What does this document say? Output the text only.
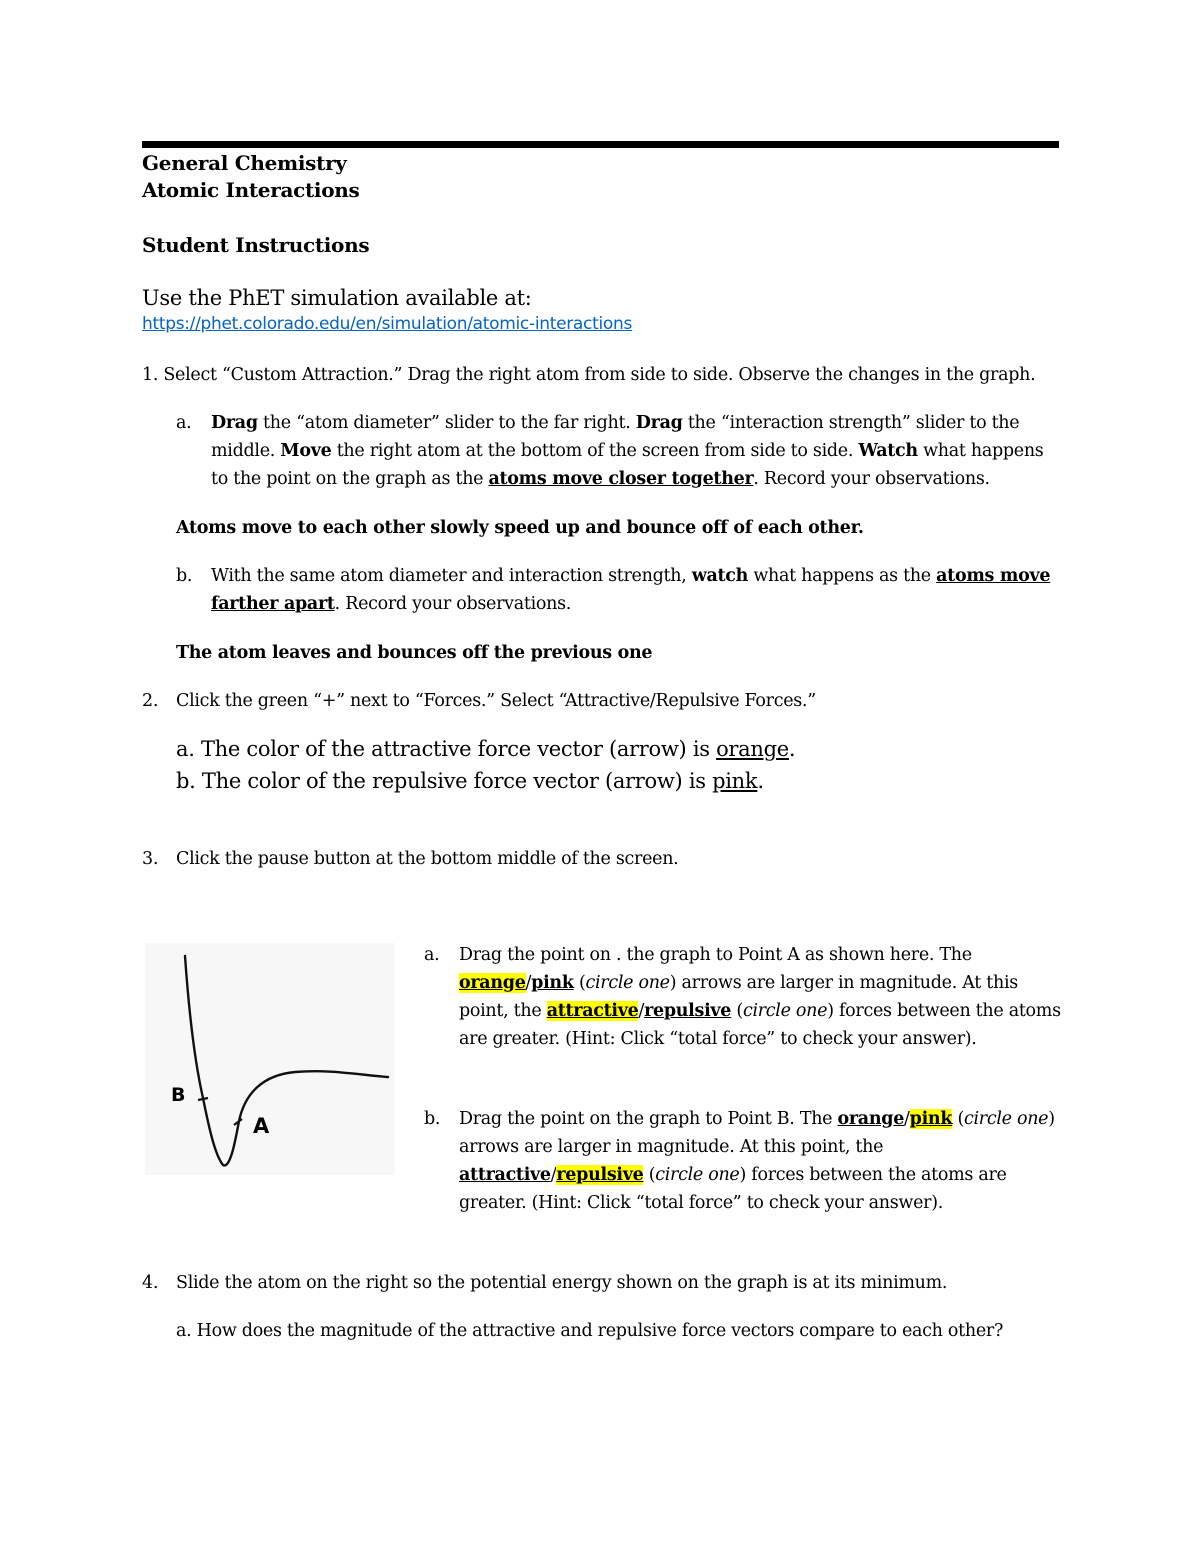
General Chemistry
Atomic Interactions
Student Instructions
Use the PhET simulation available at:
https://phet.colorado.edu/en/simulation/atomic-interactions
1. Select “Custom Attraction.” Drag the right atom from side to side. Observe the changes in the graph.
a. Drag the “atom diameter” slider to the far right. Drag the “interaction strength” slider to the
middle. Move the right atom at the bottom of the screen from side to side. Watch what happens
to the point on the graph as the atoms move closer together. Record your observations.
Atoms move to each other slowly speed up and bounce off of each other.
b. With the same atom diameter and interaction strength, watch what happens as the atoms move
farther apart. Record your observations.
The atom leaves and bounces off the previous one
2. Click the green “+” next to “Forces.” Select “Attractive/Repulsive Forces.”
a. The color of the attractive force vector (arrow) is orange.
b. The color of the repulsive force vector (arrow) is pink.
3. Click the pause button at the bottom middle of the screen.
B
A
a. Drag the point on . the graph to Point A as shown here. The
orange/pink (circle one) arrows are larger in magnitude. At this
point, the attractive/repulsive (circle one) forces between the atoms
are greater. (Hint: Click “total force” to check your answer).
b. Drag the point on the graph to Point B. The orange/pink (circle one)
arrows are larger in magnitude. At this point, the
attractive/repulsive (circle one) forces between the atoms are
greater. (Hint: Click “total force” to check your answer).
4. Slide the atom on the right so the potential energy shown on the graph is at its minimum.
a. How does the magnitude of the attractive and repulsive force vectors compare to each other?
